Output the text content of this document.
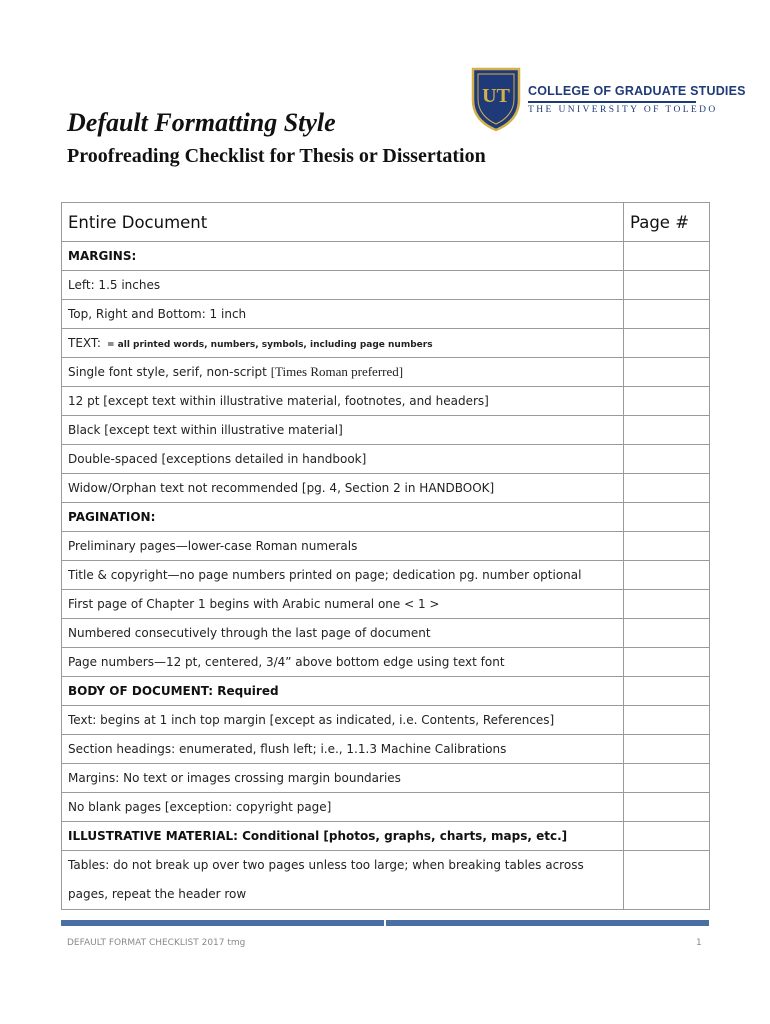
UT COLLEGE OF GRADUATE STUDIES
THE UNIVERSITY OF TOLEDO
Default Formatting Style
Proofreading Checklist for Thesis or Dissertation
Entire Document	Page #
MARGINS:	
Left: 1.5 inches	
Top, Right and Bottom: 1 inch	
TEXT: = all printed words, numbers, symbols, including page numbers	
Single font style, serif, non-script [Times Roman preferred]	
12 pt [except text within illustrative material, footnotes, and headers]	
Black [except text within illustrative material]	
Double-spaced [exceptions detailed in handbook]	
Widow/Orphan text not recommended [pg. 4, Section 2 in HANDBOOK]	
PAGINATION:	
Preliminary pages—lower-case Roman numerals	
Title & copyright—no page numbers printed on page; dedication pg. number optional	
First page of Chapter 1 begins with Arabic numeral one < 1 >	
Numbered consecutively through the last page of document	
Page numbers—12 pt, centered, 3/4” above bottom edge using text font	
BODY OF DOCUMENT: Required	
Text: begins at 1 inch top margin [except as indicated, i.e. Contents, References]	
Section headings: enumerated, flush left; i.e., 1.1.3 Machine Calibrations	
Margins: No text or images crossing margin boundaries	
No blank pages [exception: copyright page]	
ILLUSTRATIVE MATERIAL: Conditional [photos, graphs, charts, maps, etc.]	
Tables: do not break up over two pages unless too large; when breaking tables across pages, repeat the header row	
DEFAULT FORMAT CHECKLIST 2017 tmg	1
